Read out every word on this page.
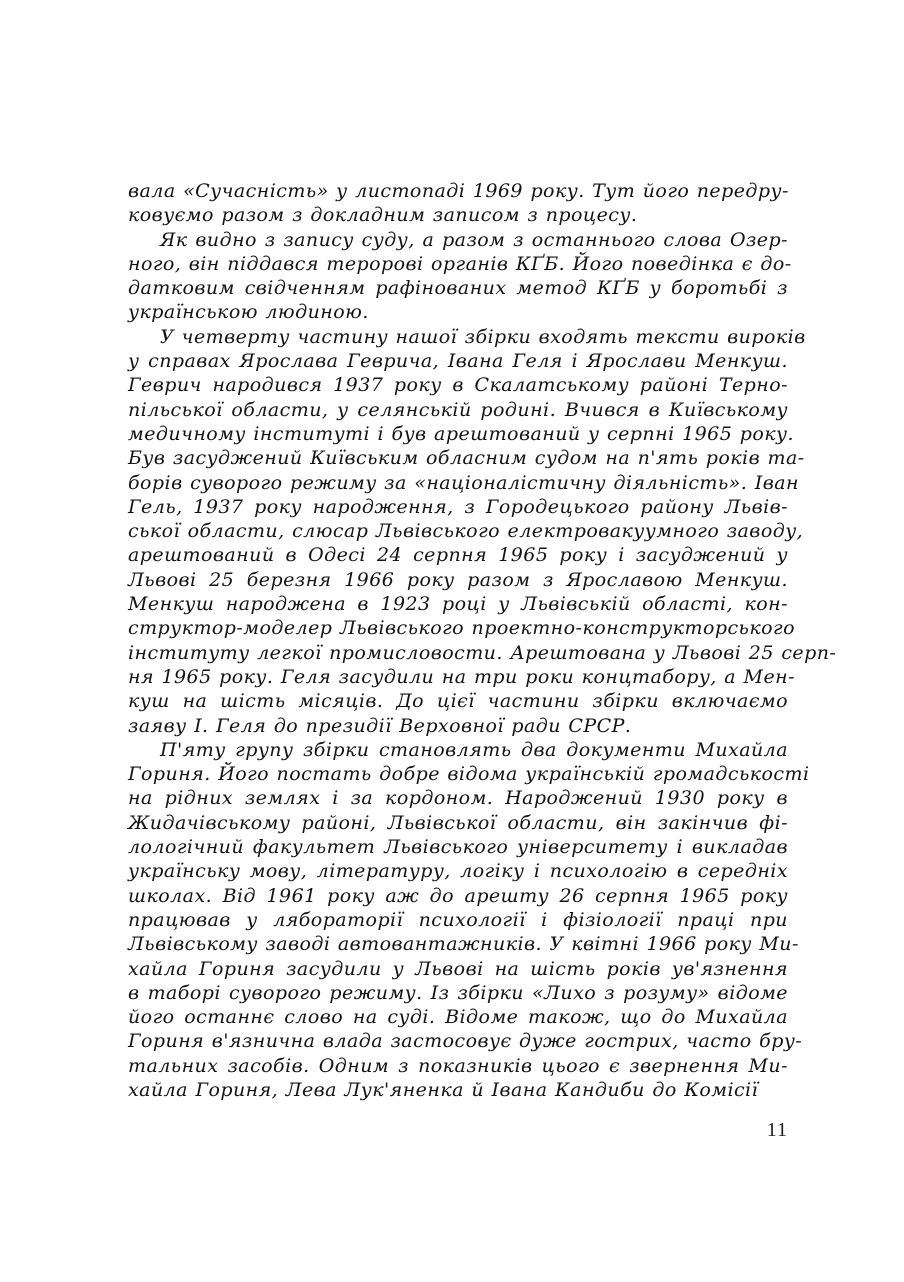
вала «Сучасність» у листопаді 1969 року. Тут його передру-
ковуємо разом з докладним записом з процесу.
Як видно з запису суду, а разом з останнього слова Озер-
ного, він піддався теророві органів КҐБ. Його поведінка є до-
датковим свідченням рафінованих метод КҐБ у боротьбі з
українською людиною.
У четверту частину нашої збірки входять тексти вироків
у справах Ярослава Геврича, Івана Геля і Ярослави Менкуш.
Геврич народився 1937 року в Скалатському районі Терно-
пільської области, у селянській родині. Вчився в Київському
медичному інституті і був арештований у серпні 1965 року.
Був засуджений Київським обласним судом на п'ять років та-
борів суворого режиму за «націоналістичну діяльність». Іван
Гель, 1937 року народження, з Городецького району Львів-
ської области, слюсар Львівського електровакуумного заводу,
арештований в Одесі 24 серпня 1965 року і засуджений у
Львові 25 березня 1966 року разом з Ярославою Менкуш.
Менкуш народжена в 1923 році у Львівській області, кон-
структор-моделер Львівського проектно-конструкторського
інституту легкої промисловости. Арештована у Львові 25 серп-
ня 1965 року. Геля засудили на три роки концтабору, а Мен-
куш на шість місяців. До цієї частини збірки включаємо
заяву І. Геля до президії Верховної ради СРСР.
П'яту групу збірки становлять два документи Михайла
Гориня. Його постать добре відома українській громадськості
на рідних землях і за кордоном. Народжений 1930 року в
Жидачівському районі, Львівської области, він закінчив фі-
лологічний факультет Львівського університету і викладав
українську мову, літературу, логіку і психологію в середніх
школах. Від 1961 року аж до арешту 26 серпня 1965 року
працював у лябораторії психології і фізіології праці при
Львівському заводі автовантажників. У квітні 1966 року Ми-
хайла Гориня засудили у Львові на шість років ув'язнення
в таборі суворого режиму. Із збірки «Лихо з розуму» відоме
його останнє слово на суді. Відоме також, що до Михайла
Гориня в'язнична влада застосовує дуже гострих, часто бру-
тальних засобів. Одним з показників цього є звернення Ми-
хайла Гориня, Лева Лук'яненка й Івана Кандиби до Комісії
11
